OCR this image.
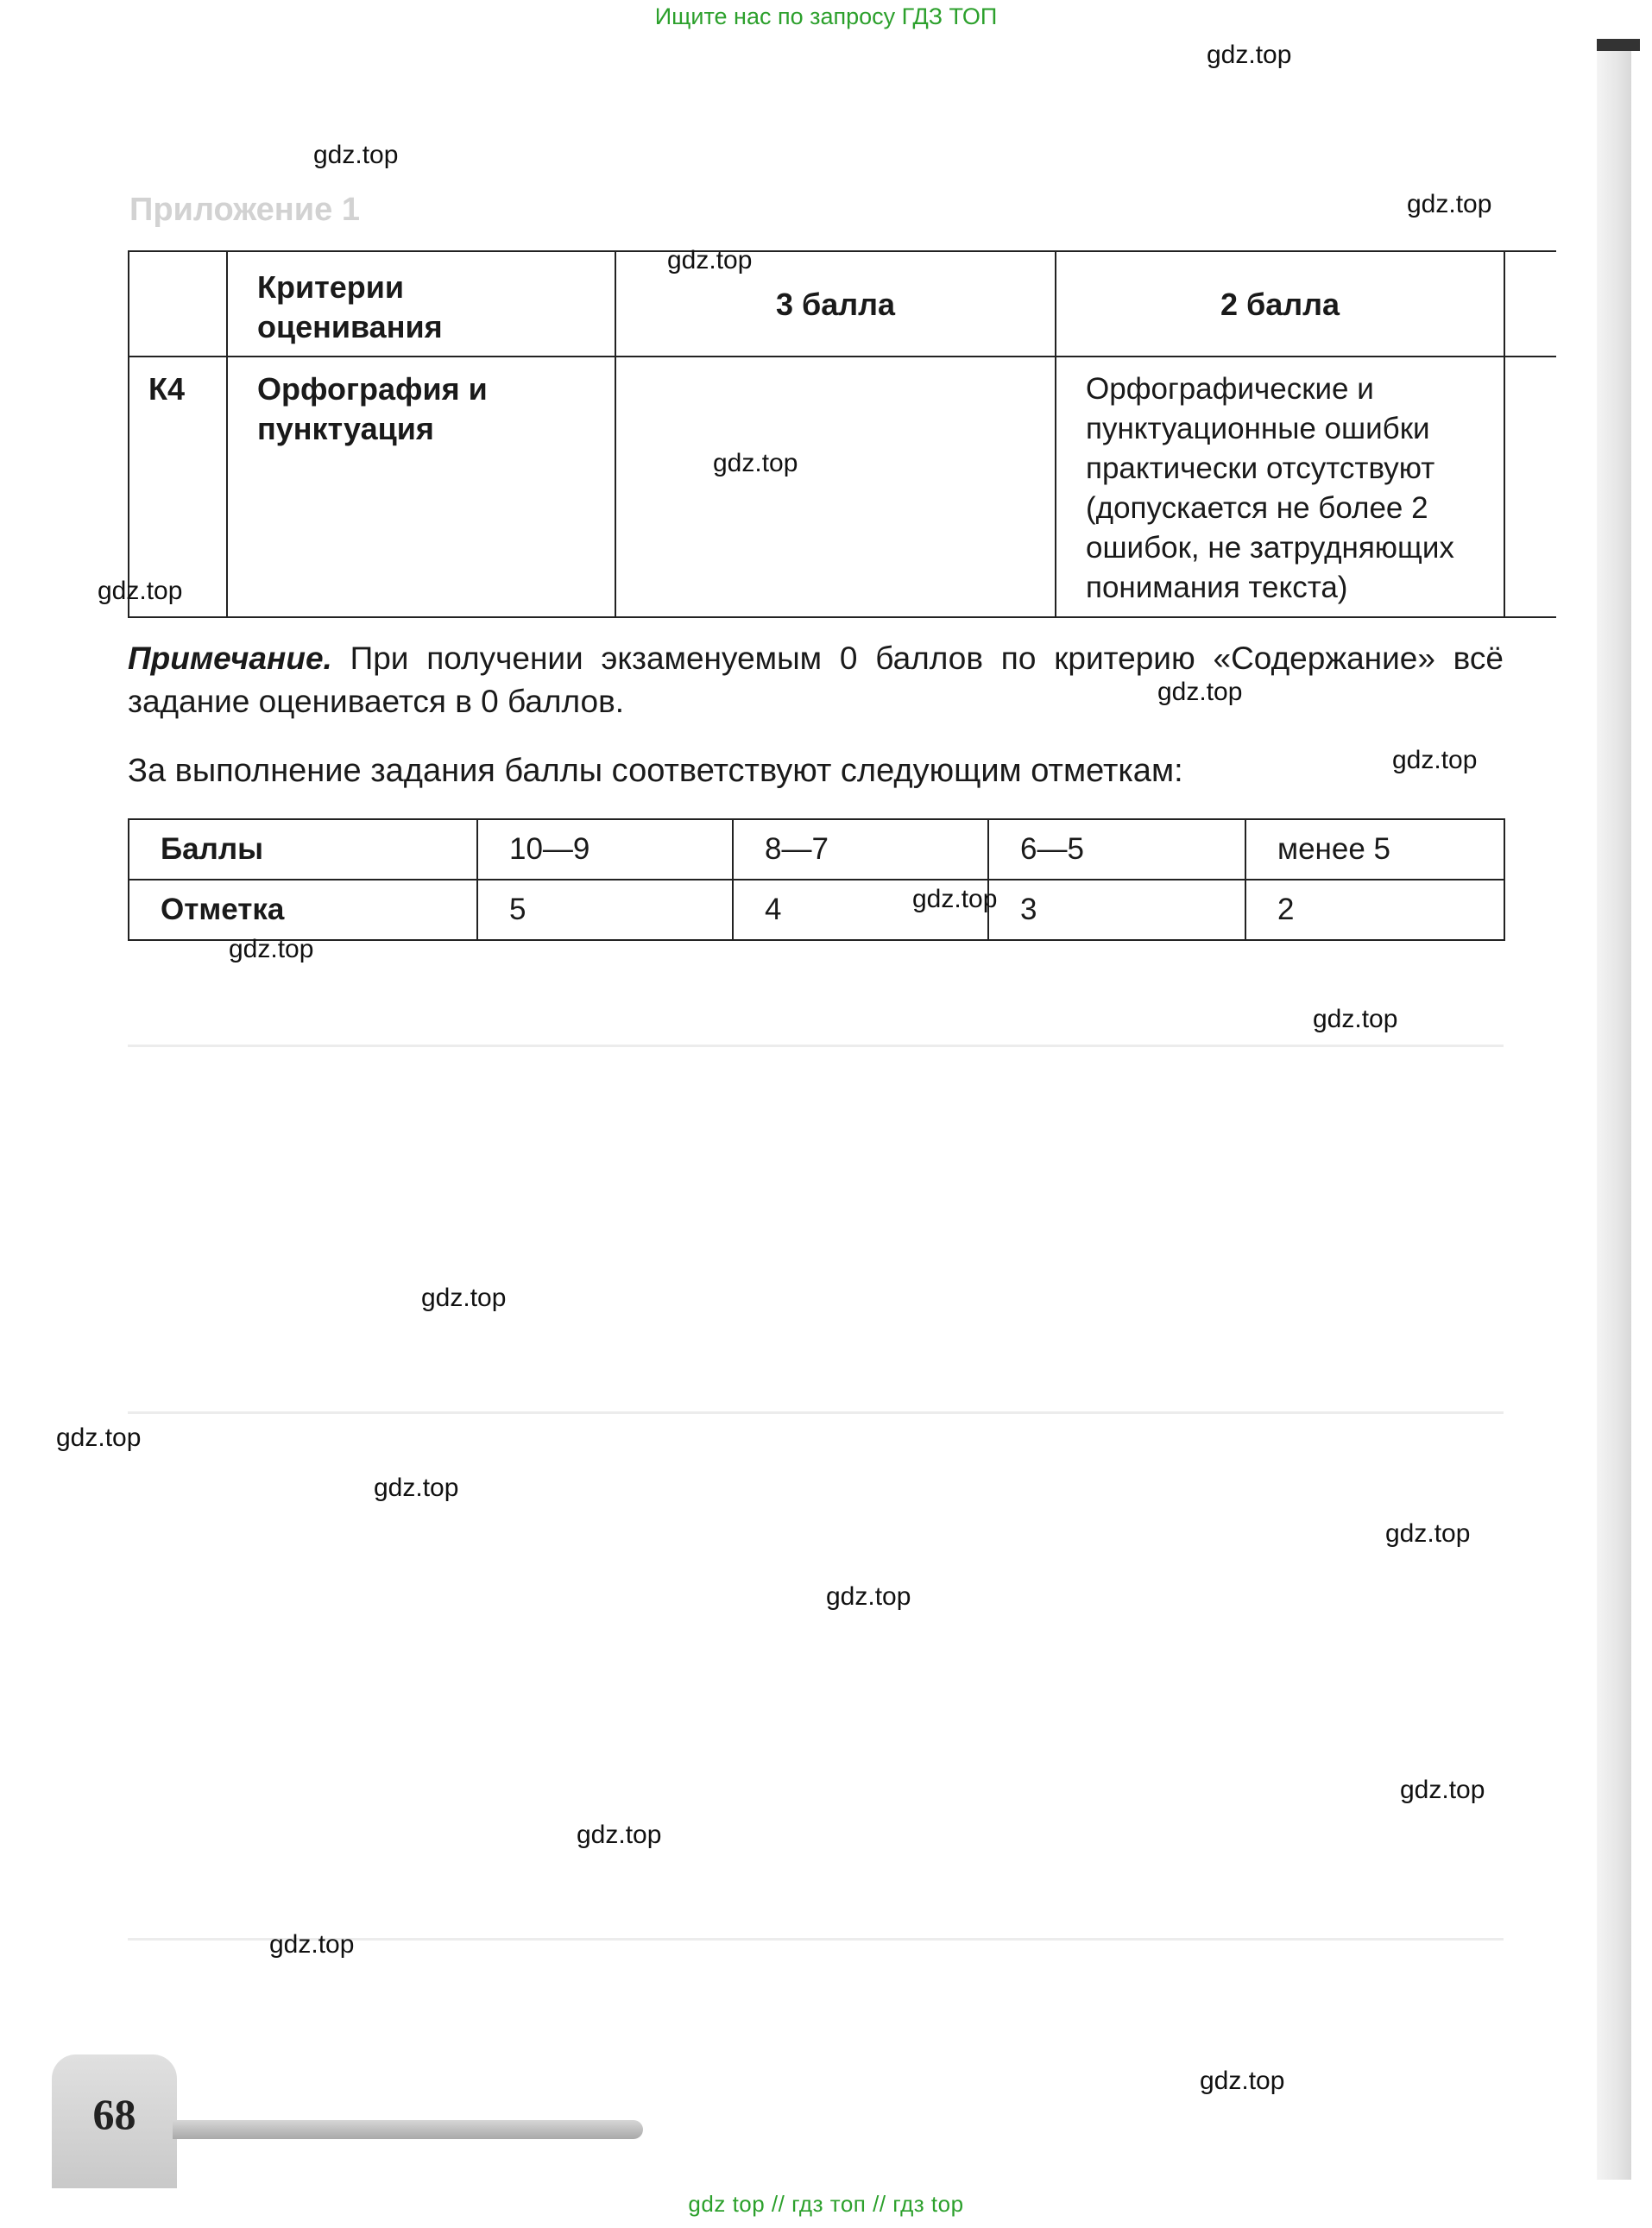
Ищите нас по запросу ГДЗ ТОП
gdz top // гдз топ // гдз top
Приложение 1

	Критерии оценивания	3 балла	2 балла	

К4	Орфография и пунктуация		Орфографические и пунктуационные ошибки практически отсутствуют (допускается не более 2 ошибок, не затрудняющих понимания текста)	

Примечание. При получении экзаменуемым 0 баллов по критерию «Содержание» всё задание оценивается в 0 баллов.
За выполнение задания баллы соответствуют следующим отметкам:
Баллы	10—9	8—7	6—5	менее 5
Отметка	5	4	3	2
gdz.top
gdz.top
gdz.top
gdz.top
gdz.top
gdz.top
gdz.top
gdz.top
gdz.top
gdz.top
gdz.top
gdz.top
gdz.top
gdz.top
gdz.top
gdz.top
gdz.top
gdz.top
gdz.top
gdz.top
68
